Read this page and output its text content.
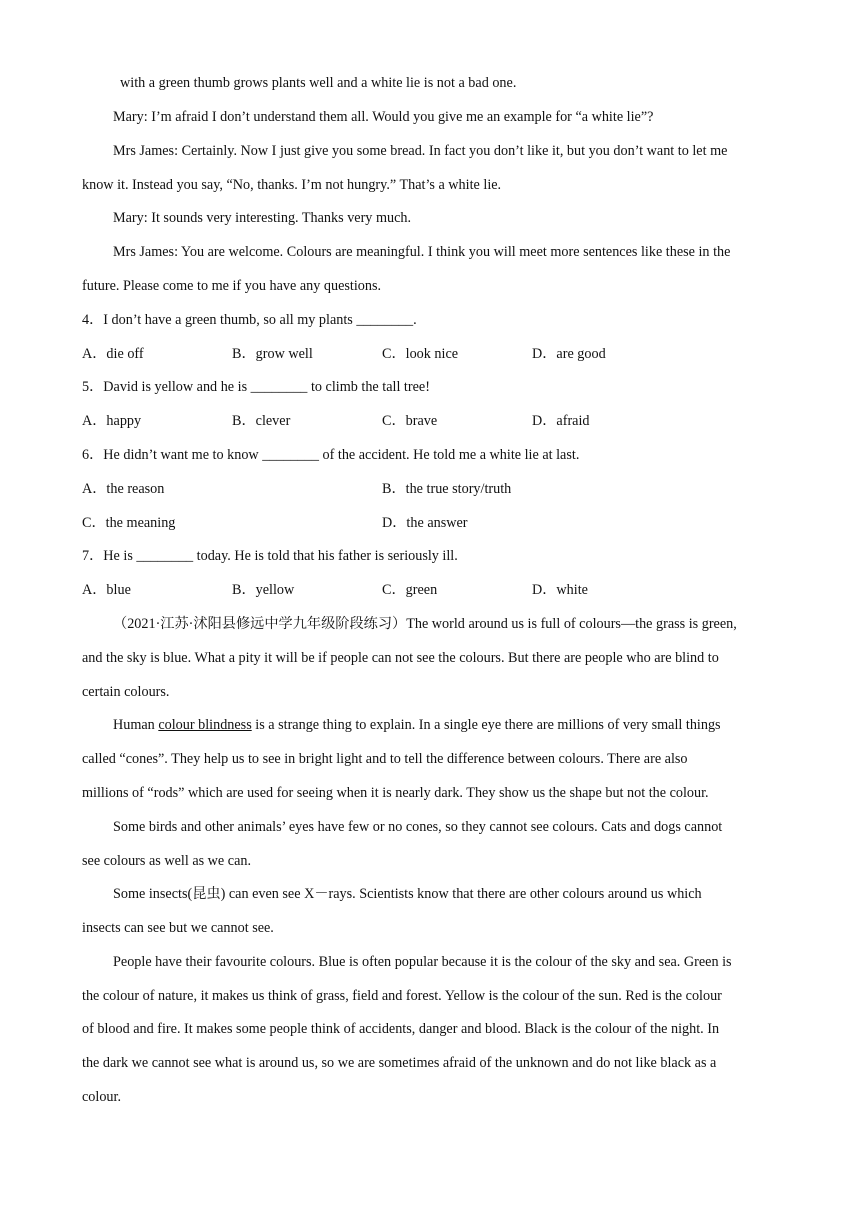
with a green thumb grows plants well and a white lie is not a bad one.
Mary: I’m afraid I don’t understand them all. Would you give me an example for “a white lie”?
Mrs James: Certainly. Now I just give you some bread. In fact you don’t like it, but you don’t want to let me
know it. Instead you say, “No, thanks. I’m not hungry.” That’s a white lie.
Mary: It sounds very interesting. Thanks very much.
Mrs James: You are welcome. Colours are meaningful. I think you will meet more sentences like these in the
future. Please come to me if you have any questions.
4．I don’t have a green thumb, so all my plants ________.
A．die off	B．grow well	C．look nice	D．are good
5．David is yellow and he is ________ to climb the tall tree!
A．happy	B．clever	C．brave	D．afraid
6．He didn’t want me to know ________ of the accident. He told me a white lie at last.
A．the reason	B．the true story/truth
C．the meaning	D．the answer
7．He is ________ today. He is told that his father is seriously ill.
A．blue	B．yellow	C．green	D．white
（2021·江苏·沭阳县修远中学九年级阶段练习）The world around us is full of colours—the grass is green,
and the sky is blue. What a pity it will be if people can not see the colours. But there are people who are blind to
certain colours.
Human colour blindness is a strange thing to explain. In a single eye there are millions of very small things
called “cones”. They help us to see in bright light and to tell the difference between colours. There are also
millions of “rods” which are used for seeing when it is nearly dark. They show us the shape but not the colour.
Some birds and other animals’ eyes have few or no cones, so they cannot see colours. Cats and dogs cannot
see colours as well as we can.
Some insects(昆虫) can even see X－rays. Scientists know that there are other colours around us which
insects can see but we cannot see.
People have their favourite colours. Blue is often popular because it is the colour of the sky and sea. Green is
the colour of nature, it makes us think of grass, field and forest. Yellow is the colour of the sun. Red is the colour
of blood and fire. It makes some people think of accidents, danger and blood. Black is the colour of the night. In
the dark we cannot see what is around us, so we are sometimes afraid of the unknown and do not like black as a
colour.
